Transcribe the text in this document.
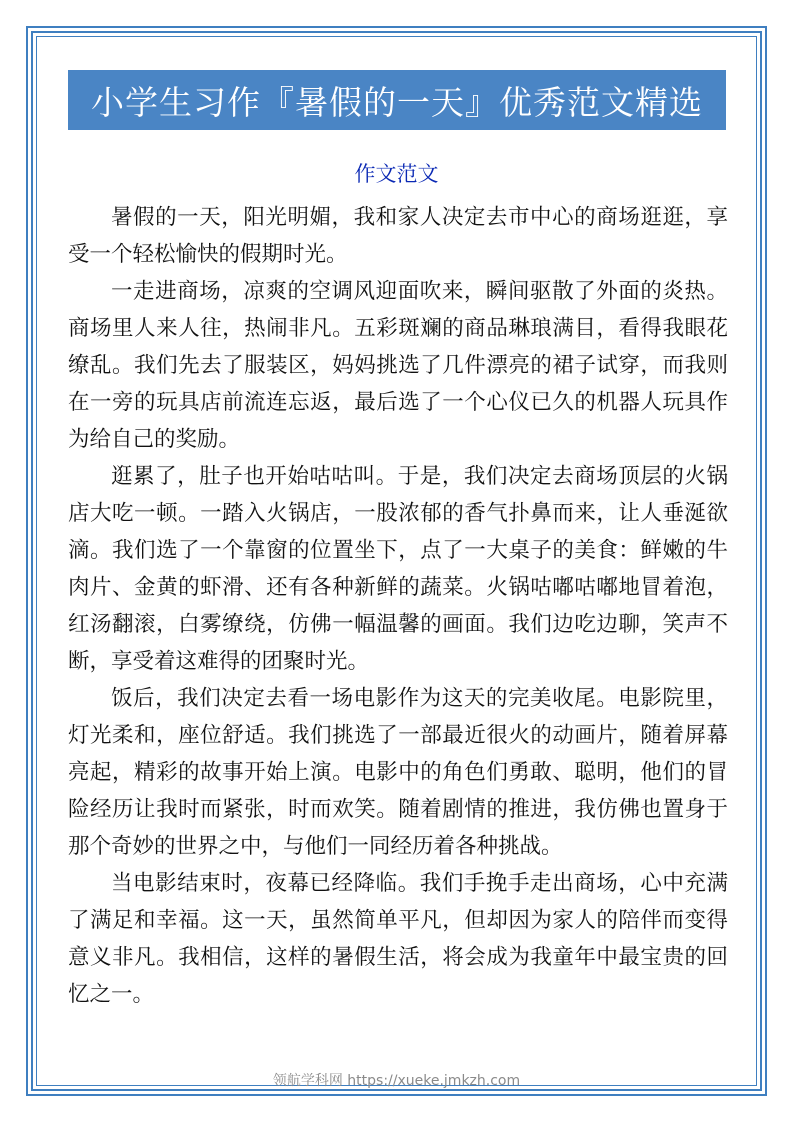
小学生习作『暑假的一天』优秀范文精选
作文范文

暑假的一天，阳光明媚，我和家人决定去市中心的商场逛逛，享受一个轻松愉快的假期时光。

一走进商场，凉爽的空调风迎面吹来，瞬间驱散了外面的炎热。商场里人来人往，热闹非凡。五彩斑斓的商品琳琅满目，看得我眼花缭乱。我们先去了服装区，妈妈挑选了几件漂亮的裙子试穿，而我则在一旁的玩具店前流连忘返，最后选了一个心仪已久的机器人玩具作为给自己的奖励。

逛累了，肚子也开始咕咕叫。于是，我们决定去商场顶层的火锅店大吃一顿。一踏入火锅店，一股浓郁的香气扑鼻而来，让人垂涎欲滴。我们选了一个靠窗的位置坐下，点了一大桌子的美食：鲜嫩的牛肉片、金黄的虾滑、还有各种新鲜的蔬菜。火锅咕嘟咕嘟地冒着泡，红汤翻滚，白雾缭绕，仿佛一幅温馨的画面。我们边吃边聊，笑声不断，享受着这难得的团聚时光。

饭后，我们决定去看一场电影作为这天的完美收尾。电影院里，灯光柔和，座位舒适。我们挑选了一部最近很火的动画片，随着屏幕亮起，精彩的故事开始上演。电影中的角色们勇敢、聪明，他们的冒险经历让我时而紧张，时而欢笑。随着剧情的推进，我仿佛也置身于那个奇妙的世界之中，与他们一同经历着各种挑战。

当电影结束时，夜幕已经降临。我们手挽手走出商场，心中充满了满足和幸福。这一天，虽然简单平凡，但却因为家人的陪伴而变得意义非凡。我相信，这样的暑假生活，将会成为我童年中最宝贵的回忆之一。

领航学科网 https://xueke.jmkzh.com
